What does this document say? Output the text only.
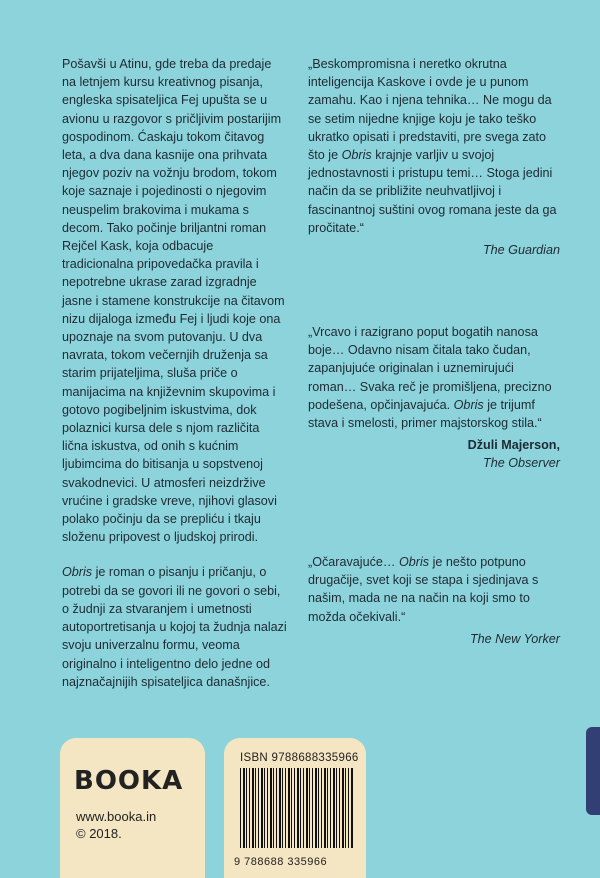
Pošavši u Atinu, gde treba da predaje na letnjem kursu kreativnog pisanja, engleska spisateljica Fej upušta se u avionu u razgovor s pričljivim postarijim gospodinom. Ćaskaju tokom čitavog leta, a dva dana kasnije ona prihvata njegov poziv na vožnju brodom, tokom koje saznaje i pojedinosti o njegovim neuspelim brakovima i mukama s decom. Tako počinje briljantni roman Rejčel Kask, koja odbacuje tradicionalna pripovedačka pravila i nepotrebne ukrase zarad izgradnje jasne i stamene konstrukcije na čitavom nizu dijaloga između Fej i ljudi koje ona upoznaje na svom putovanju. U dva navrata, tokom večernjih druženja sa starim prijateljima, sluša priče o manijacima na književnim skupovima i gotovo pogibeljnim iskustvima, dok polaznici kursa dele s njom različita lična iskustva, od onih s kućnim ljubimcima do bitisanja u sopstvenoj svakodnevici. U atmosferi neizdržive vrućine i gradske vreve, njihovi glasovi polako počinju da se prepliću i tkaju složenu pripovest o ljudskoj prirodi.

Obris je roman o pisanju i pričanju, o potrebi da se govori ili ne govori o sebi, o žudnji za stvaranjem i umetnosti autoportretisanja u kojoj ta žudnja nalazi svoju univerzalnu formu, veoma originalno i inteligentno delo jedne od najznačajnijih spisateljica današnjice.

„Beskompromisna i neretko okrutna inteligencija Kaskove i ovde je u punom zamahu. Kao i njena tehnika… Ne mogu da se setim nijedne knjige koju je tako teško ukratko opisati i predstaviti, pre svega zato što je Obris krajnje varljiv u svojoj jednostavnosti i pristupu temi… Stoga jedini način da se približite neuhvatljivoj i fascinantnoj suštini ovog romana jeste da ga pročitate.“

The Guardian

„Vrcavo i razigrano poput bogatih nanosa boje… Odavno nisam čitala tako čudan, zapanjujuće originalan i uznemirujući roman… Svaka reč je promišljena, precizno podešena, opčinjavajuća. Obris je trijumf stava i smelosti, primer majstorskog stila.“

Džuli Majerson,
The Observer

„Očaravajuće… Obris je nešto potpuno drugačije, svet koji se stapa i sjedinjava s našim, mada ne na način na koji smo to možda očekivali.“

The New Yorker
BOOKA
www.booka.in
© 2018.
ISBN 9788688335966
9 788688 335966
